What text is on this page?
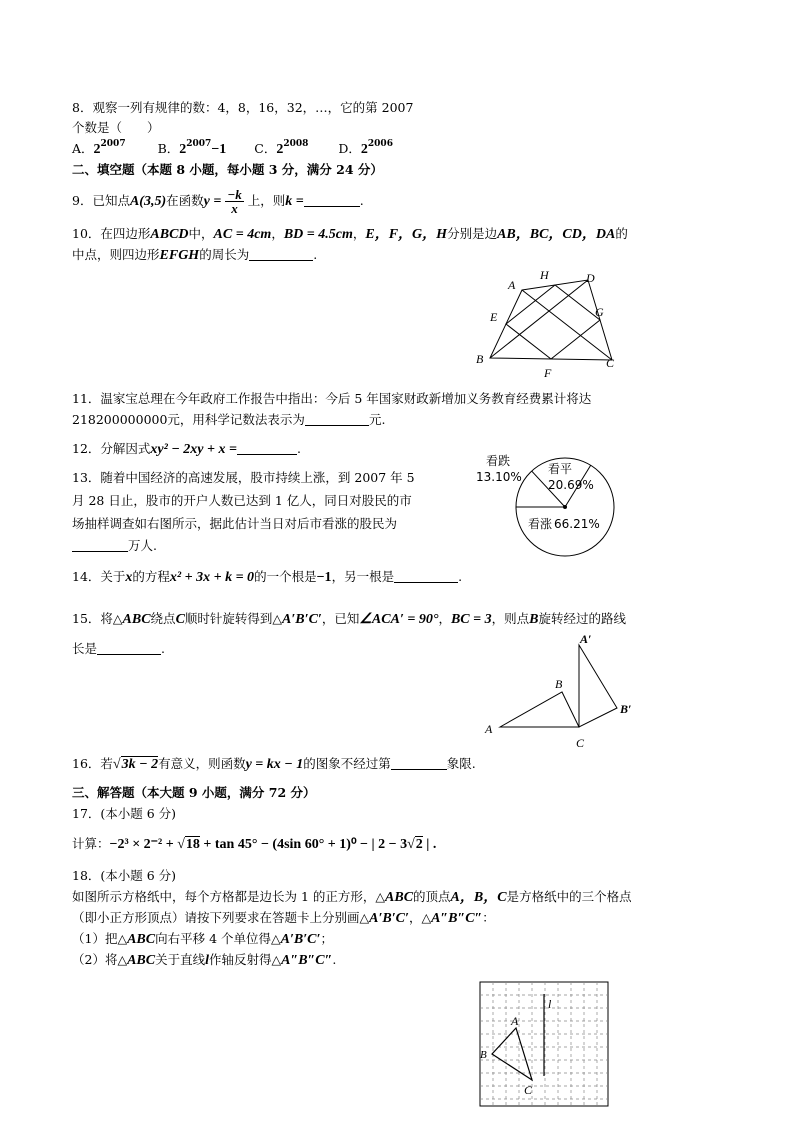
8．观察一列有规律的数：4，8，16，32，…，它的第 2007
个数是（　　）
A．$2^{2007}$	B．$2^{2007}-1$ C．$2^{2008}$ D．$2^{2006}$
二、填空题（本题 8 小题，每小题 3 分，满分 24 分）
9．已知点A(3,5)在函数$y = \frac{-k}{x}$ 上，则k =	.
10．在四边形ABCD中，AC = 4cm，BD = 4.5cm，E，F，G，H分别是边AB，BC，CD，DA的
中点，则四边形EFGH的周长为	.
A
H	D
E	G
B
F
C
11．温家宝总理在今年政府工作报告中指出：今后 5 年国家财政新增加义务教育经费累计将达
218200000000元，用科学记数法表示为	元.
12．分解因式xy² − 2xy + x =	.
13．随着中国经济的高速发展，股市持续上涨，到 2007 年 5
月 28 日止，股市的开户人数已达到 1 亿人，同日对股民的市
场抽样调查如右图所示，据此估计当日对后市看涨的股民为
万人.
看跌
13.10%
看平
20.69%
看涨 66.21%
14．关于x的方程x² + 3x + k = 0的一个根是−1，另一根是	.
15．将△ABC绕点C顺时针旋转得到△A′B′C′，已知∠ACA′ = 90°，BC = 3，则点B旋转经过的路线
长是	.
A′
B
B′
A
C
16．若√3k − 2有意义，则函数y = kx − 1的图象不经过第	象限.
三、解答题（本大题 9 小题，满分 72 分）
17．(本小题 6 分)
计算：−2³ × 2⁻² + √18 + tan 45° − (4sin 60° + 1)⁰ − | 2 − 3√2 | .
18．(本小题 6 分)
如图所示方格纸中，每个方格都是边长为 1 的正方形，△ABC的顶点A，B，C是方格纸中的三个格点
（即小正方形顶点）请按下列要求在答题卡上分别画△A′B′C′，△A″B″C″：
（1）把△ABC向右平移 4 个单位得△A′B′C′；
（2）将△ABC关于直线l作轴反射得△A″B″C″.
l
A
B
C
